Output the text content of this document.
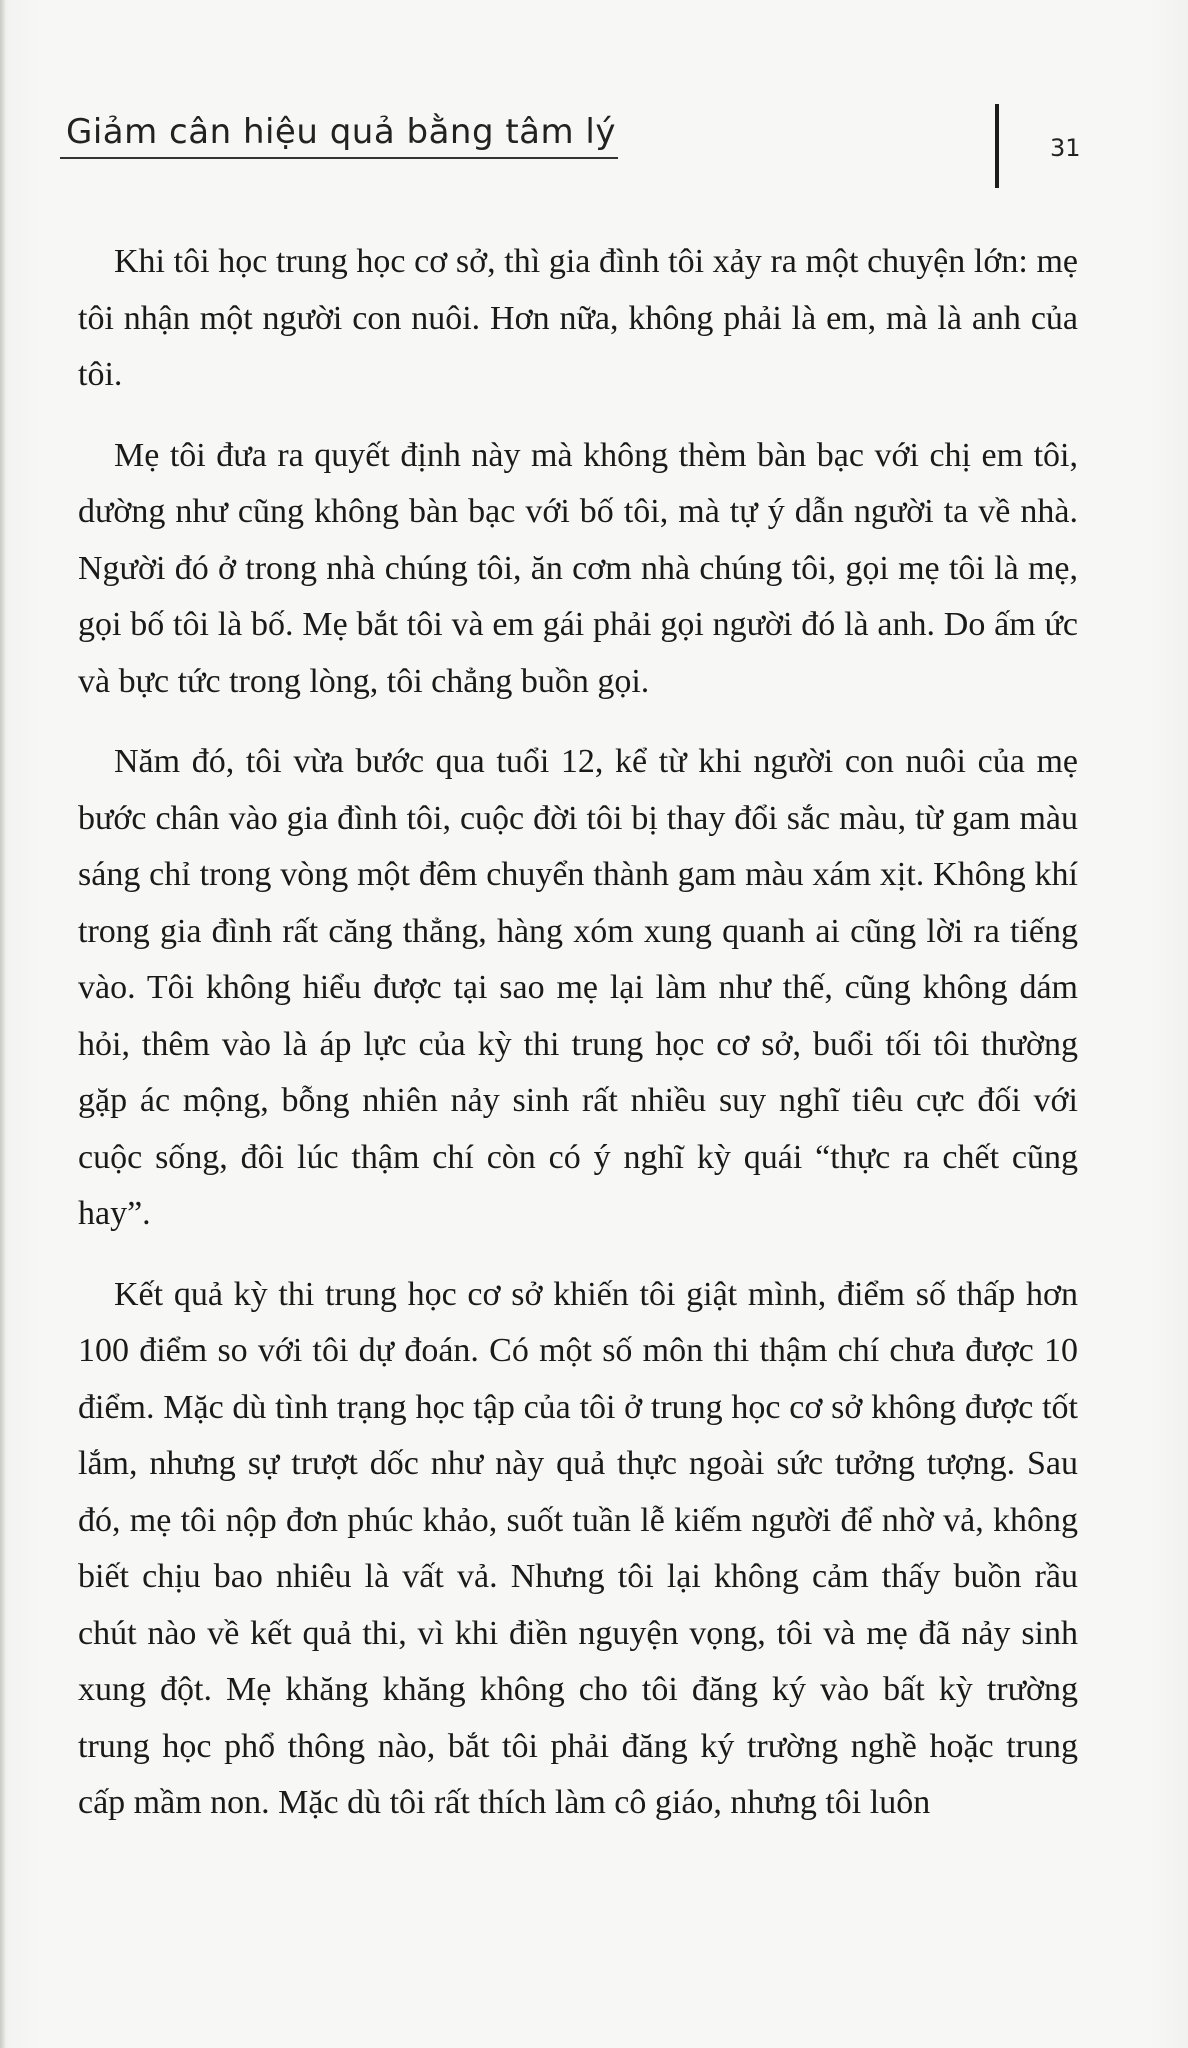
Giảm cân hiệu quả bằng tâm lý	31

Khi tôi học trung học cơ sở, thì gia đình tôi xảy ra một chuyện lớn: mẹ tôi nhận một người con nuôi. Hơn nữa, không phải là em, mà là anh của tôi.

Mẹ tôi đưa ra quyết định này mà không thèm bàn bạc với chị em tôi, dường như cũng không bàn bạc với bố tôi, mà tự ý dẫn người ta về nhà. Người đó ở trong nhà chúng tôi, ăn cơm nhà chúng tôi, gọi mẹ tôi là mẹ, gọi bố tôi là bố. Mẹ bắt tôi và em gái phải gọi người đó là anh. Do ấm ức và bực tức trong lòng, tôi chẳng buồn gọi.

Năm đó, tôi vừa bước qua tuổi 12, kể từ khi người con nuôi của mẹ bước chân vào gia đình tôi, cuộc đời tôi bị thay đổi sắc màu, từ gam màu sáng chỉ trong vòng một đêm chuyển thành gam màu xám xịt. Không khí trong gia đình rất căng thẳng, hàng xóm xung quanh ai cũng lời ra tiếng vào. Tôi không hiểu được tại sao mẹ lại làm như thế, cũng không dám hỏi, thêm vào là áp lực của kỳ thi trung học cơ sở, buổi tối tôi thường gặp ác mộng, bỗng nhiên nảy sinh rất nhiều suy nghĩ tiêu cực đối với cuộc sống, đôi lúc thậm chí còn có ý nghĩ kỳ quái “thực ra chết cũng hay”.

Kết quả kỳ thi trung học cơ sở khiến tôi giật mình, điểm số thấp hơn 100 điểm so với tôi dự đoán. Có một số môn thi thậm chí chưa được 10 điểm. Mặc dù tình trạng học tập của tôi ở trung học cơ sở không được tốt lắm, nhưng sự trượt dốc như này quả thực ngoài sức tưởng tượng. Sau đó, mẹ tôi nộp đơn phúc khảo, suốt tuần lễ kiếm người để nhờ vả, không biết chịu bao nhiêu là vất vả. Nhưng tôi lại không cảm thấy buồn rầu chút nào về kết quả thi, vì khi điền nguyện vọng, tôi và mẹ đã nảy sinh xung đột. Mẹ khăng khăng không cho tôi đăng ký vào bất kỳ trường trung học phổ thông nào, bắt tôi phải đăng ký trường nghề hoặc trung cấp mầm non. Mặc dù tôi rất thích làm cô giáo, nhưng tôi luôn
